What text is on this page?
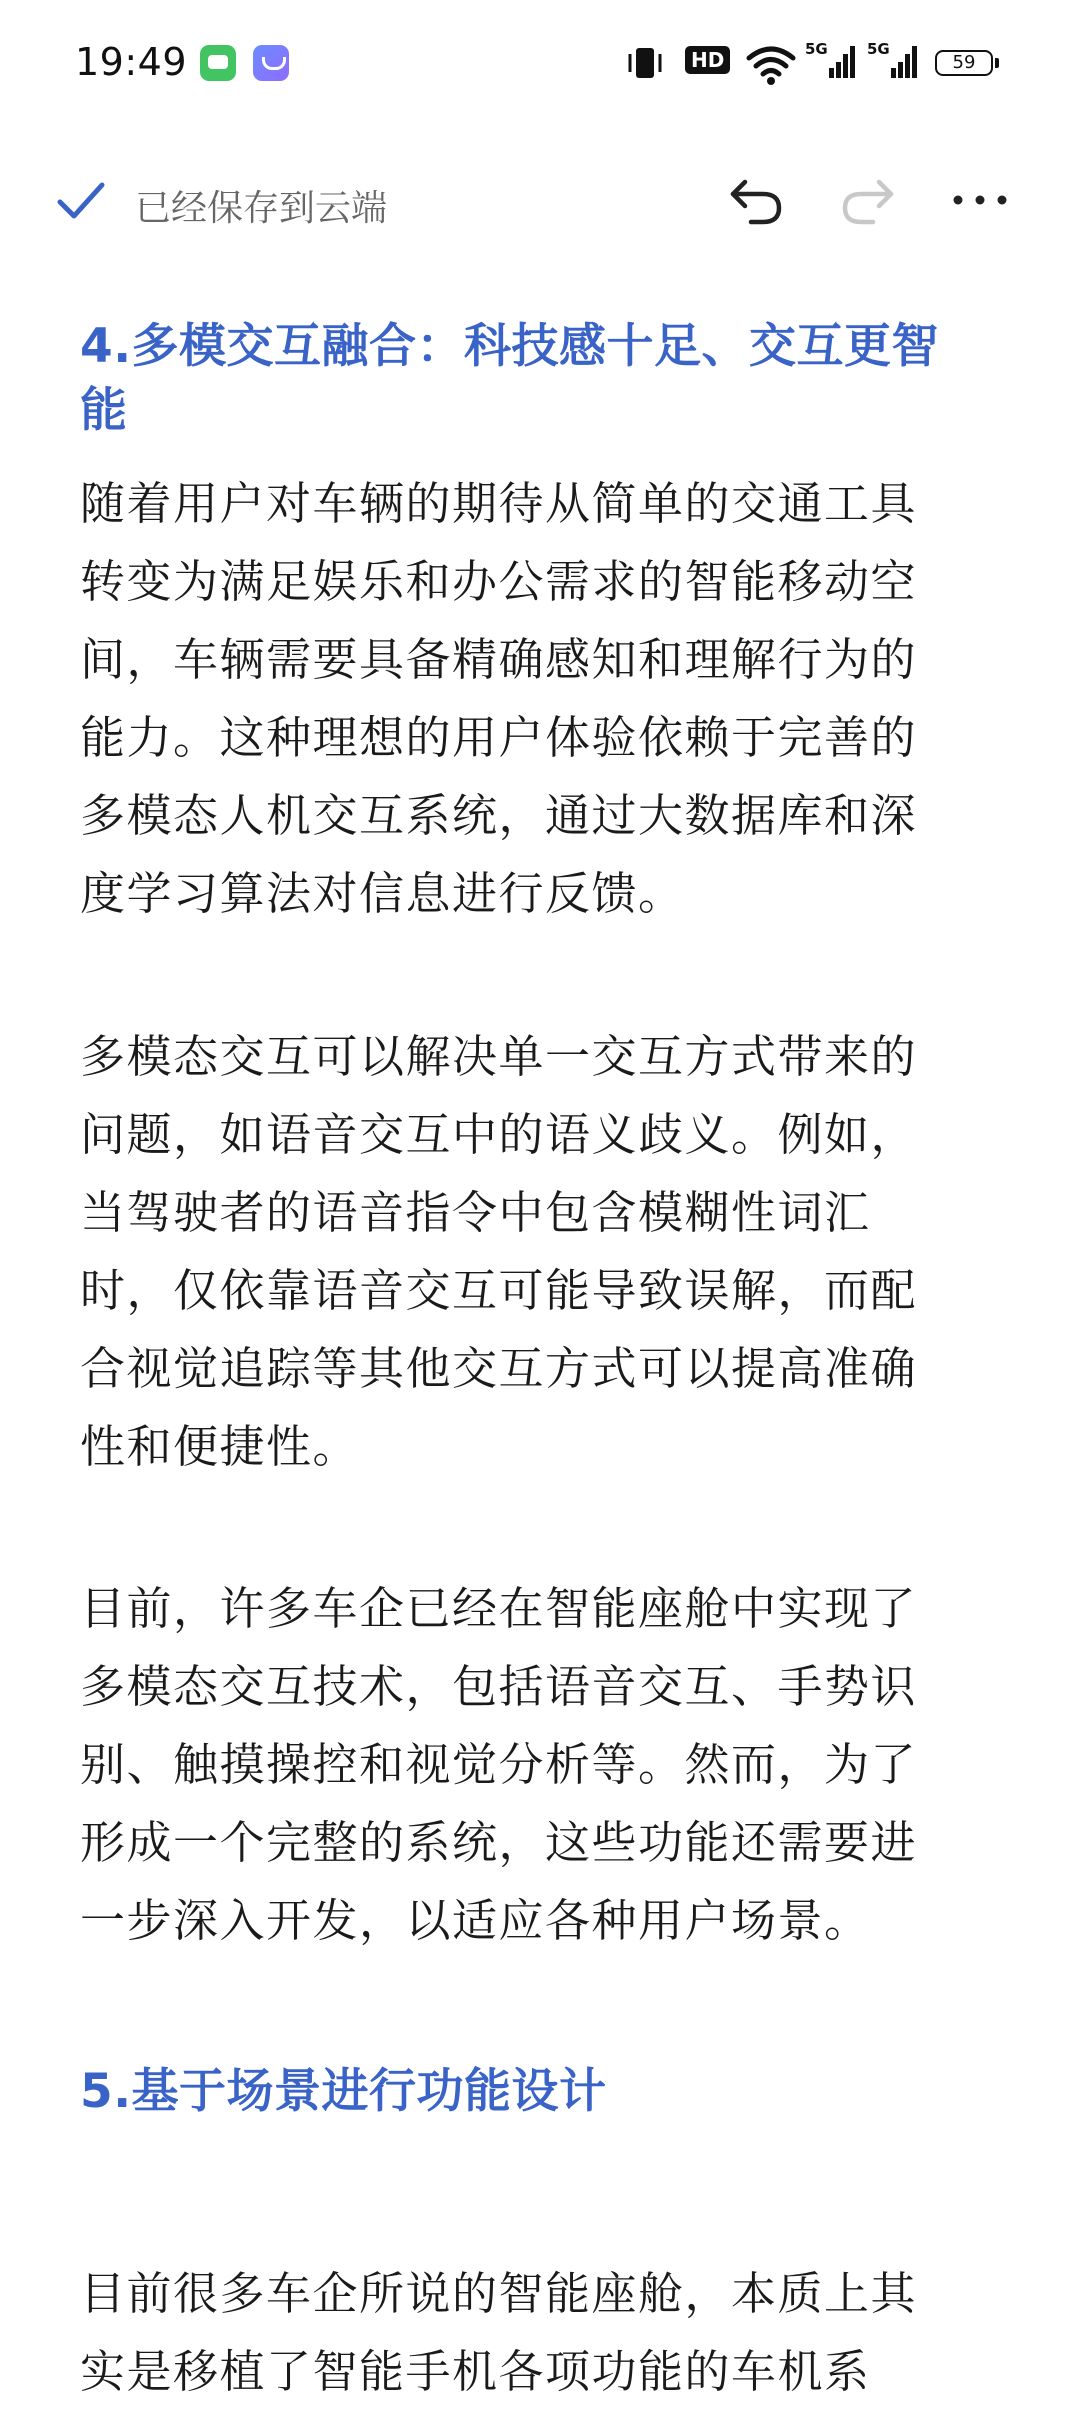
19:49	HD	5G	5G
59
已经保存到云端

4.多模交互融合：科技感十足、交互更智能

随着用户对车辆的期待从简单的交通工具转变为满足娱乐和办公需求的智能移动空间，车辆需要具备精确感知和理解行为的能力。这种理想的用户体验依赖于完善的多模态人机交互系统，通过大数据库和深度学习算法对信息进行反馈。

多模态交互可以解决单一交互方式带来的问题，如语音交互中的语义歧义。例如，当驾驶者的语音指令中包含模糊性词汇时，仅依靠语音交互可能导致误解，而配合视觉追踪等其他交互方式可以提高准确性和便捷性。

目前，许多车企已经在智能座舱中实现了多模态交互技术，包括语音交互、手势识别、触摸操控和视觉分析等。然而，为了形成一个完整的系统，这些功能还需要进一步深入开发，以适应各种用户场景。

5.基于场景进行功能设计

目前很多车企所说的智能座舱，本质上其实是移植了智能手机各项功能的车机系
